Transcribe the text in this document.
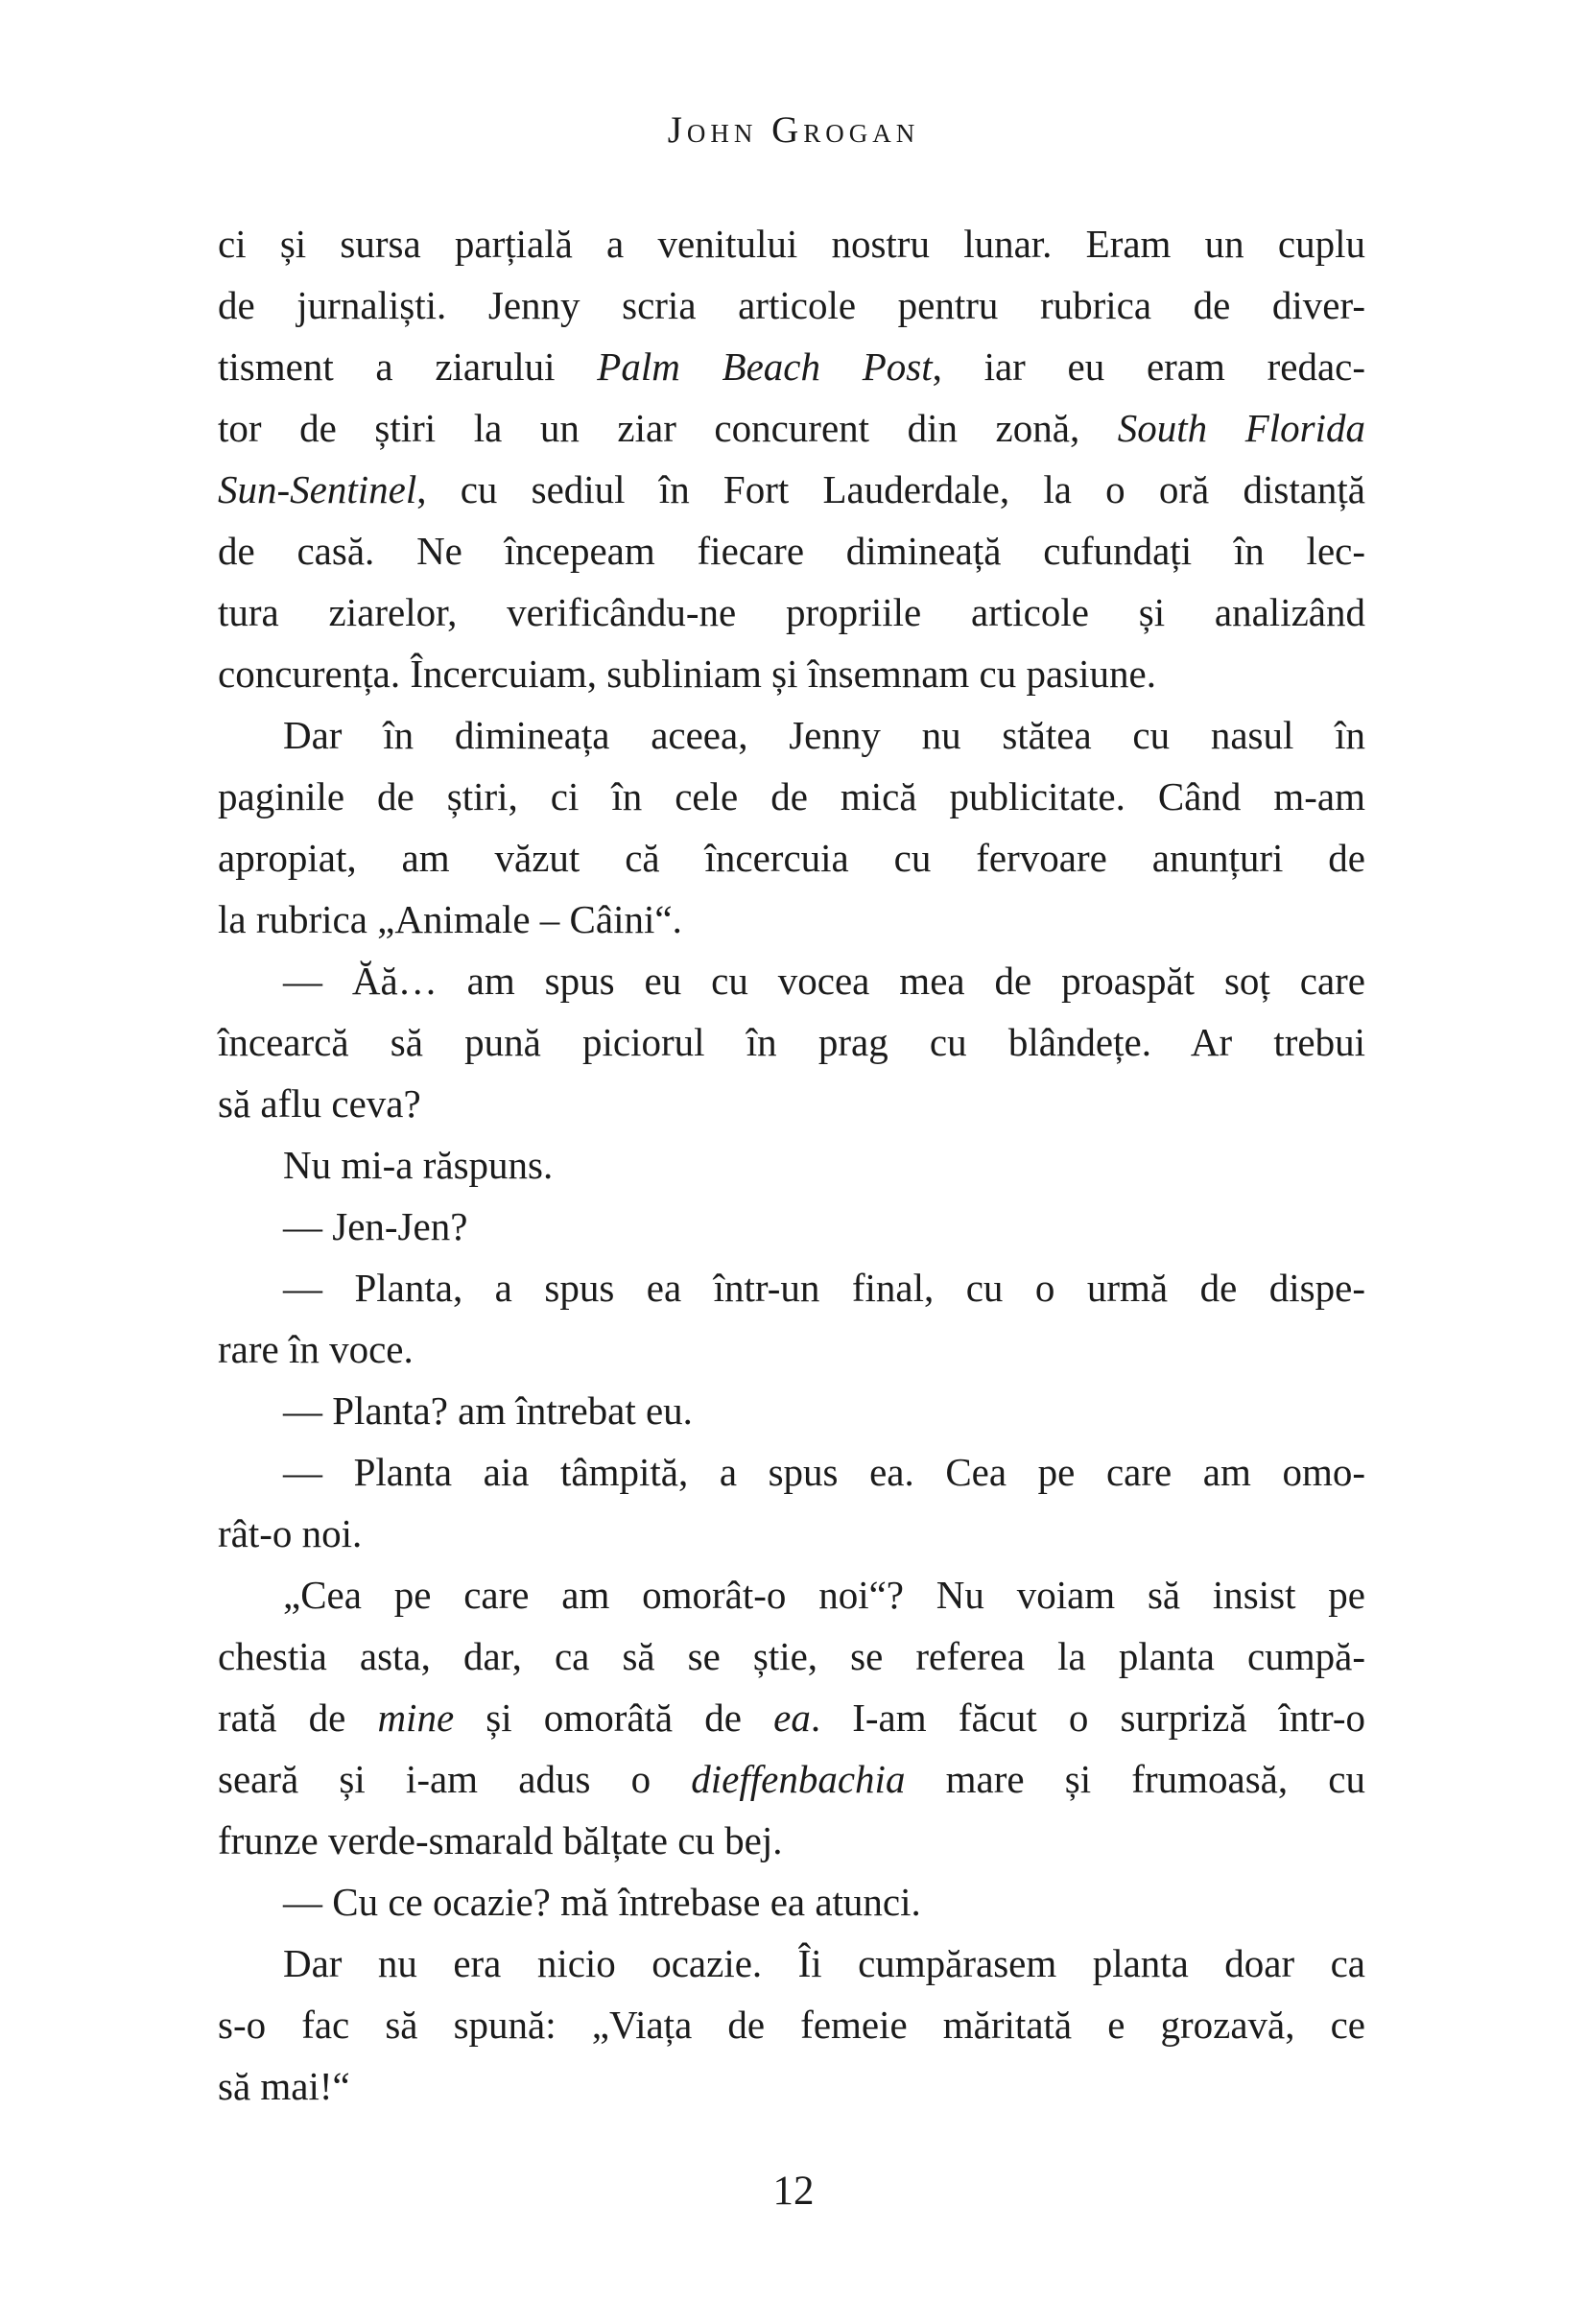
John Grogan
ci și sursa parțială a venitului nostru lunar. Eram un cuplu
de jurnaliști. Jenny scria articole pentru rubrica de diver-
tisment a ziarului Palm Beach Post, iar eu eram redac-
tor de știri la un ziar concurent din zonă, South Florida
Sun-Sentinel, cu sediul în Fort Lauderdale, la o oră distanță
de casă. Ne începeam fiecare dimineață cufundați în lec-
tura ziarelor, verificându-ne propriile articole și analizând
concurența. Încercuiam, subliniam și însemnam cu pasiune.
Dar în dimineața aceea, Jenny nu stătea cu nasul în
paginile de știri, ci în cele de mică publicitate. Când m-am
apropiat, am văzut că încercuia cu fervoare anunțuri de
la rubrica „Animale – Câini“.
— Ăă… am spus eu cu vocea mea de proaspăt soț care
încearcă să pună piciorul în prag cu blândețe. Ar trebui
să aflu ceva?
Nu mi-a răspuns.
— Jen-Jen?
— Planta, a spus ea într-un final, cu o urmă de dispe-
rare în voce.
— Planta? am întrebat eu.
— Planta aia tâmpită, a spus ea. Cea pe care am omo-
rât-o noi.
„Cea pe care am omorât-o noi“? Nu voiam să insist pe
chestia asta, dar, ca să se știe, se referea la planta cumpă-
rată de mine și omorâtă de ea. I-am făcut o surpriză într-o
seară și i-am adus o dieffenbachia mare și frumoasă, cu
frunze verde-smarald bălțate cu bej.
— Cu ce ocazie? mă întrebase ea atunci.
Dar nu era nicio ocazie. Îi cumpărasem planta doar ca
s-o fac să spună: „Viața de femeie măritată e grozavă, ce
să mai!“
12
